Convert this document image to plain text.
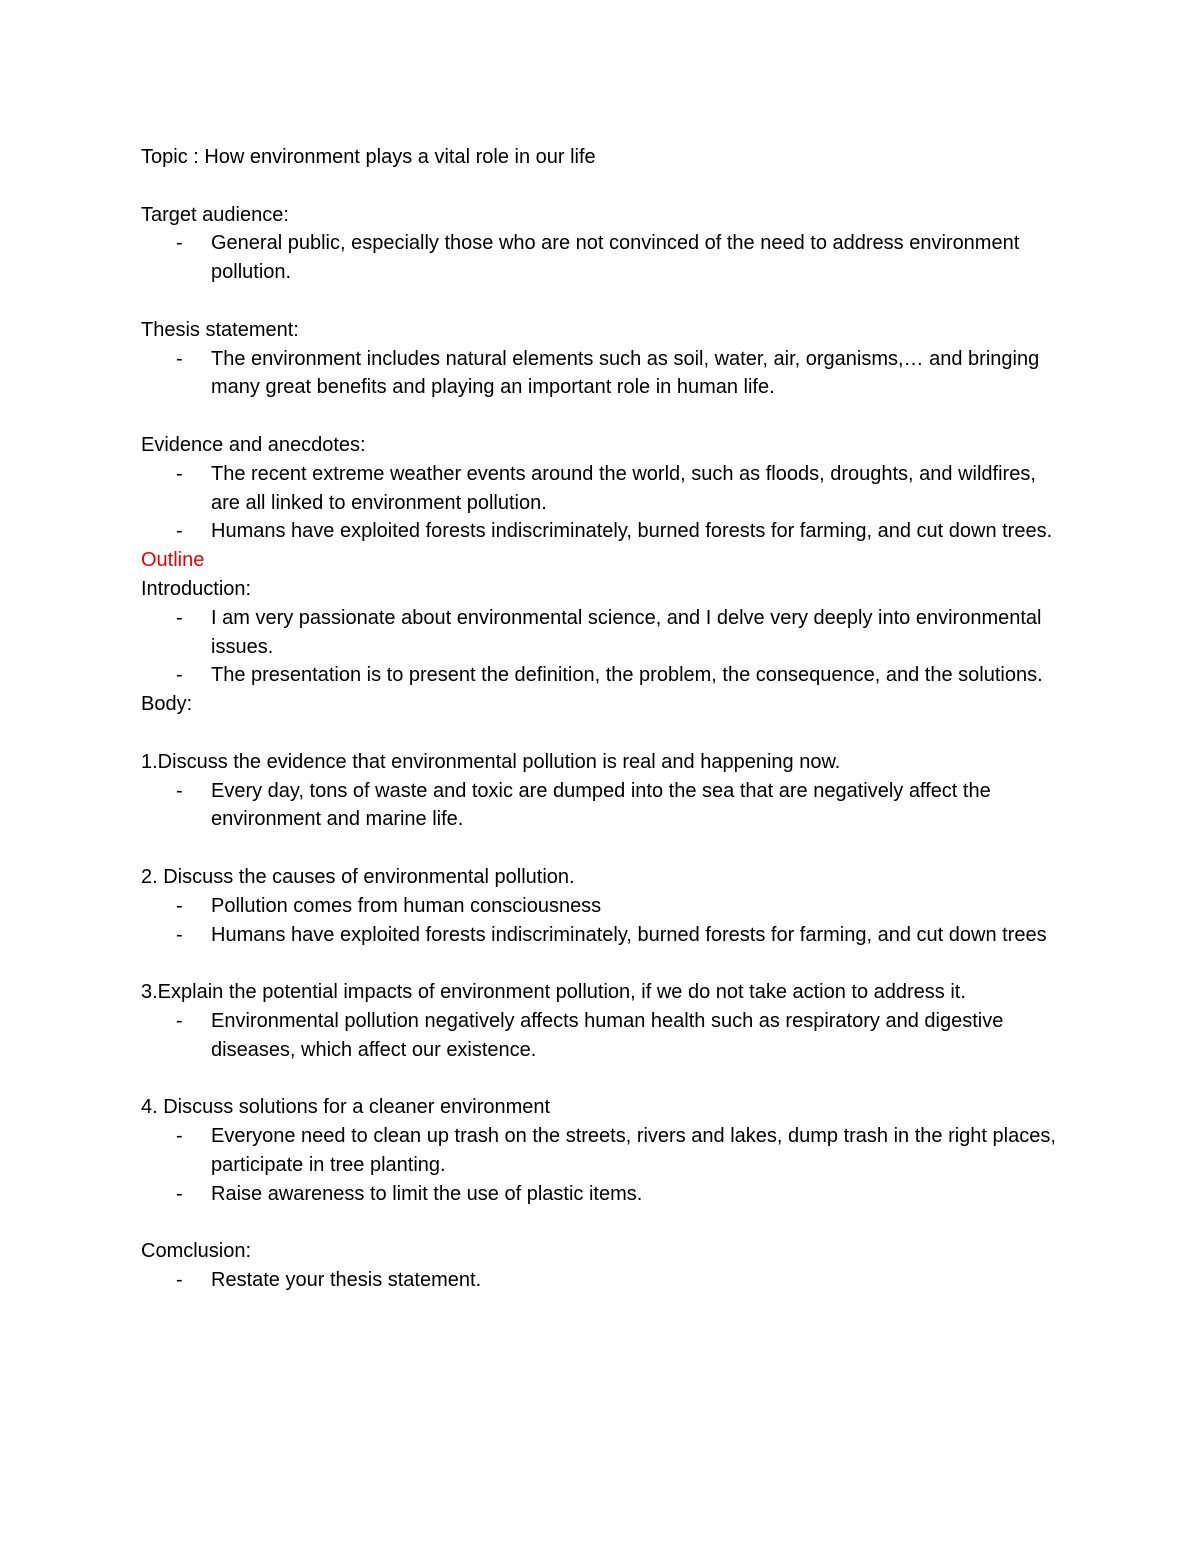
Topic : How environment plays a vital role in our life

Target audience:

- General public, especially those who are not convinced of the need to address environment pollution.

Thesis statement:

- The environment includes natural elements such as soil, water, air, organisms,… and bringing many great benefits and playing an important role in human life.

Evidence and anecdotes:

- The recent extreme weather events around the world, such as floods, droughts, and wildfires, are all linked to environment pollution.
- Humans have exploited forests indiscriminately, burned forests for farming, and cut down trees.

Outline

Introduction:

- I am very passionate about environmental science, and I delve very deeply into environmental issues.
- The presentation is to present the definition, the problem, the consequence, and the solutions.

Body:

1.Discuss the evidence that environmental pollution is real and happening now.

- Every day, tons of waste and toxic are dumped into the sea that are negatively affect the environment and marine life.

2. Discuss the causes of environmental pollution.

- Pollution comes from human consciousness
- Humans have exploited forests indiscriminately, burned forests for farming, and cut down trees

3.Explain the potential impacts of environment pollution, if we do not take action to address it.

- Environmental pollution negatively affects human health such as respiratory and digestive diseases, which affect our existence.

4. Discuss solutions for a cleaner environment

- Everyone need to clean up trash on the streets, rivers and lakes, dump trash in the right places, participate in tree planting.
- Raise awareness to limit the use of plastic items.

Comclusion:

- Restate your thesis statement.
